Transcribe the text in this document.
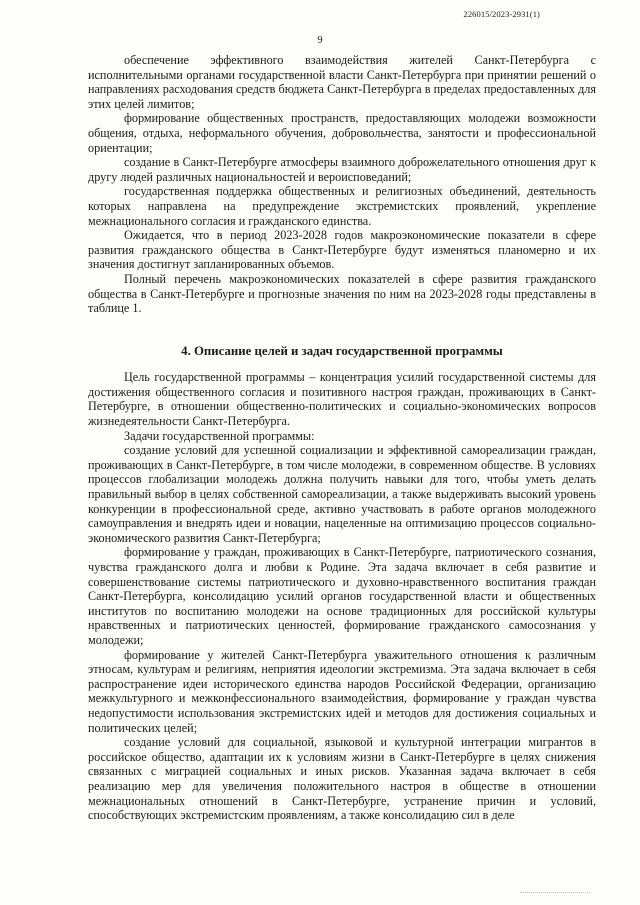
226015/2023-2931(1)
9

обеспечение эффективного взаимодействия жителей Санкт-Петербурга с исполнительными органами государственной власти Санкт-Петербурга при принятии решений о направлениях расходования средств бюджета Санкт-Петербурга в пределах предоставленных для этих целей лимитов;

формирование общественных пространств, предоставляющих молодежи возможности общения, отдыха, неформального обучения, добровольчества, занятости и профессиональной ориентации;

создание в Санкт-Петербурге атмосферы взаимного доброжелательного отношения друг к другу людей различных национальностей и вероисповеданий;

государственная поддержка общественных и религиозных объединений, деятельность которых направлена на предупреждение экстремистских проявлений, укрепление межнационального согласия и гражданского единства.

Ожидается, что в период 2023-2028 годов макроэкономические показатели в сфере развития гражданского общества в Санкт-Петербурге будут изменяться планомерно и их значения достигнут запланированных объемов.

Полный перечень макроэкономических показателей в сфере развития гражданского общества в Санкт-Петербурге и прогнозные значения по ним на 2023-2028 годы представлены в таблице 1.

4. Описание целей и задач государственной программы

Цель государственной программы – концентрация усилий государственной системы для достижения общественного согласия и позитивного настроя граждан, проживающих в Санкт-Петербурге, в отношении общественно-политических и социально-экономических вопросов жизнедеятельности Санкт-Петербурга.

Задачи государственной программы:

создание условий для успешной социализации и эффективной самореализации граждан, проживающих в Санкт-Петербурге, в том числе молодежи, в современном обществе. В условиях процессов глобализации молодежь должна получить навыки для того, чтобы уметь делать правильный выбор в целях собственной самореализации, а также выдерживать высокий уровень конкуренции в профессиональной среде, активно участвовать в работе органов молодежного самоуправления и внедрять идеи и новации, нацеленные на оптимизацию процессов социально-экономического развития Санкт-Петербурга;

формирование у граждан, проживающих в Санкт-Петербурге, патриотического сознания, чувства гражданского долга и любви к Родине. Эта задача включает в себя развитие и совершенствование системы патриотического и духовно-нравственного воспитания граждан Санкт-Петербурга, консолидацию усилий органов государственной власти и общественных институтов по воспитанию молодежи на основе традиционных для российской культуры нравственных и патриотических ценностей, формирование гражданского самосознания у молодежи;

формирование у жителей Санкт-Петербурга уважительного отношения к различным этносам, культурам и религиям, неприятия идеологии экстремизма. Эта задача включает в себя распространение идеи исторического единства народов Российской Федерации, организацию межкультурного и межконфессионального взаимодействия, формирование у граждан чувства недопустимости использования экстремистских идей и методов для достижения социальных и политических целей;

создание условий для социальной, языковой и культурной интеграции мигрантов в российское общество, адаптации их к условиям жизни в Санкт-Петербурге в целях снижения связанных с миграцией социальных и иных рисков. Указанная задача включает в себя реализацию мер для увеличения положительного настроя в обществе в отношении межнациональных отношений в Санкт-Петербурге, устранение причин и условий, способствующих экстремистским проявлениям, а также консолидацию сил в деле
